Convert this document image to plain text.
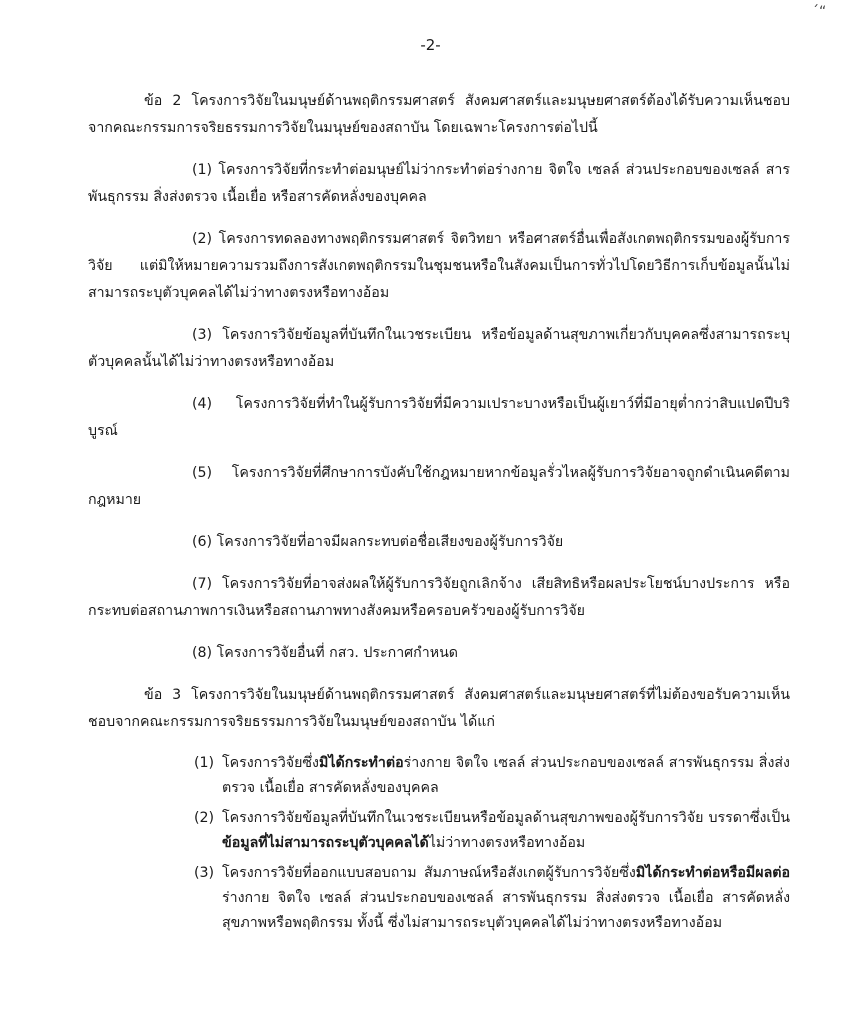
´“
-2-

ข้อ 2 โครงการวิจัยในมนุษย์ด้านพฤติกรรมศาสตร์ สังคมศาสตร์และมนุษยศาสตร์ต้องได้รับความเห็นชอบจากคณะกรรมการจริยธรรมการวิจัยในมนุษย์ของสถาบัน โดยเฉพาะโครงการต่อไปนี้

(1) โครงการวิจัยที่กระทำต่อมนุษย์ไม่ว่ากระทำต่อร่างกาย จิตใจ เซลล์ ส่วนประกอบของเซลล์ สารพันธุกรรม สิ่งส่งตรวจ เนื้อเยื่อ หรือสารคัดหลั่งของบุคคล

(2) โครงการทดลองทางพฤติกรรมศาสตร์ จิตวิทยา หรือศาสตร์อื่นเพื่อสังเกตพฤติกรรมของผู้รับการวิจัย แต่มิให้หมายความรวมถึงการสังเกตพฤติกรรมในชุมชนหรือในสังคมเป็นการทั่วไปโดยวิธีการเก็บข้อมูลนั้นไม่สามารถระบุตัวบุคคลได้ไม่ว่าทางตรงหรือทางอ้อม

(3) โครงการวิจัยข้อมูลที่บันทึกในเวชระเบียน หรือข้อมูลด้านสุขภาพเกี่ยวกับบุคคลซึ่งสามารถระบุตัวบุคคลนั้นได้ไม่ว่าทางตรงหรือทางอ้อม

(4) โครงการวิจัยที่ทำในผู้รับการวิจัยที่มีความเปราะบางหรือเป็นผู้เยาว์ที่มีอายุต่ำกว่าสิบแปดปีบริบูรณ์

(5) โครงการวิจัยที่ศึกษาการบังคับใช้กฎหมายหากข้อมูลรั่วไหลผู้รับการวิจัยอาจถูกดำเนินคดีตามกฎหมาย

(6) โครงการวิจัยที่อาจมีผลกระทบต่อชื่อเสียงของผู้รับการวิจัย

(7) โครงการวิจัยที่อาจส่งผลให้ผู้รับการวิจัยถูกเลิกจ้าง เสียสิทธิหรือผลประโยชน์บางประการ หรือกระทบต่อสถานภาพการเงินหรือสถานภาพทางสังคมหรือครอบครัวของผู้รับการวิจัย

(8) โครงการวิจัยอื่นที่ กสว. ประกาศกำหนด

ข้อ 3 โครงการวิจัยในมนุษย์ด้านพฤติกรรมศาสตร์ สังคมศาสตร์และมนุษยศาสตร์ที่ไม่ต้องขอรับความเห็นชอบจากคณะกรรมการจริยธรรมการวิจัยในมนุษย์ของสถาบัน ได้แก่

(1) โครงการวิจัยซึ่งมิได้กระทำต่อร่างกาย จิตใจ เซลล์ ส่วนประกอบของเซลล์ สารพันธุกรรม สิ่งส่งตรวจ เนื้อเยื่อ สารคัดหลั่งของบุคคล
(2) โครงการวิจัยข้อมูลที่บันทึกในเวชระเบียนหรือข้อมูลด้านสุขภาพของผู้รับการวิจัย บรรดาซึ่งเป็นข้อมูลที่ไม่สามารถระบุตัวบุคคลได้ไม่ว่าทางตรงหรือทางอ้อม
(3) โครงการวิจัยที่ออกแบบสอบถาม สัมภาษณ์หรือสังเกตผู้รับการวิจัยซึ่งมิได้กระทำต่อหรือมีผลต่อร่างกาย จิตใจ เซลล์ ส่วนประกอบของเซลล์ สารพันธุกรรม สิ่งส่งตรวจ เนื้อเยื่อ สารคัดหลั่ง สุขภาพหรือพฤติกรรม ทั้งนี้ ซึ่งไม่สามารถระบุตัวบุคคลได้ไม่ว่าทางตรงหรือทางอ้อม
